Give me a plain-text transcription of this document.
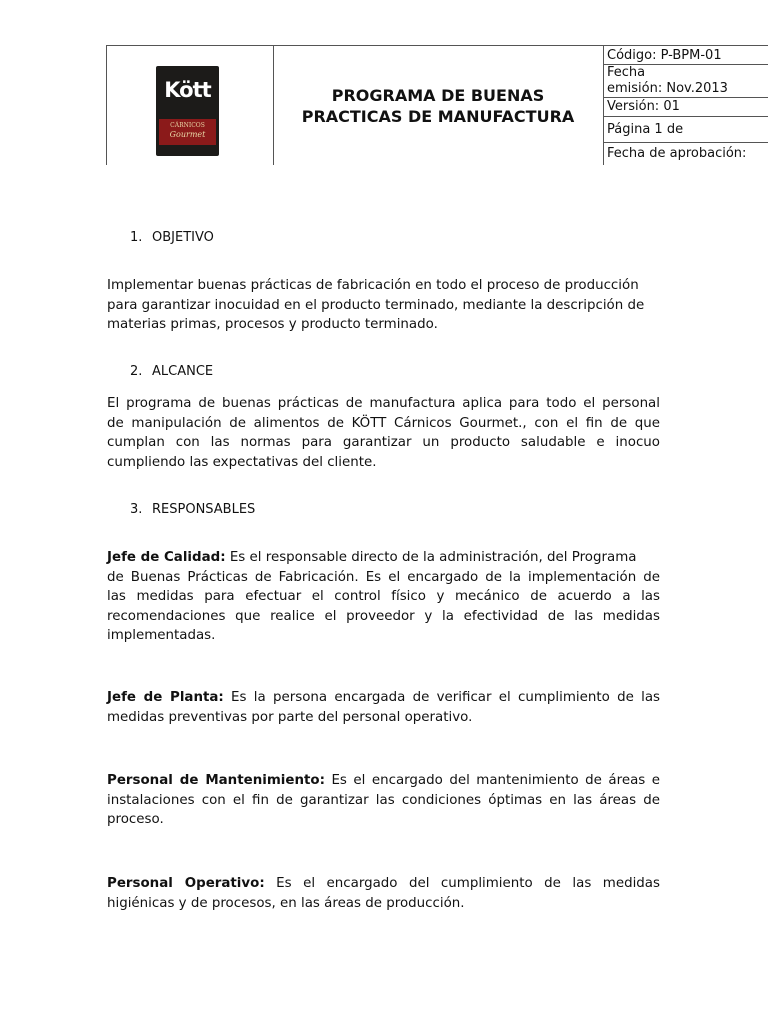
Kött
CÁRNICOS
Gourmet
PROGRAMA DE BUENAS
PRACTICAS DE MANUFACTURA
Código: P-BPM-01
Fecha
emisión: Nov.2013
Versión: 01
Página 1 de
Fecha de aprobación:
1. OBJETIVO
Implementar buenas prácticas de fabricación en todo el proceso de producción
para garantizar inocuidad en el producto terminado, mediante la descripción de
materias primas, procesos y producto terminado.
2. ALCANCE
El programa de buenas prácticas de manufactura aplica para todo el personal
de manipulación de alimentos de KÖTT Cárnicos Gourmet., con el fin de que
cumplan con las normas para garantizar un producto saludable e inocuo
cumpliendo las expectativas del cliente.
3. RESPONSABLES
Jefe de Calidad: Es el responsable directo de la administración, del Programa
de Buenas Prácticas de Fabricación. Es el encargado de la implementación de
las medidas para efectuar el control físico y mecánico de acuerdo a las
recomendaciones que realice el proveedor y la efectividad de las medidas
implementadas.
Jefe de Planta: Es la persona encargada de verificar el cumplimiento de las
medidas preventivas por parte del personal operativo.
Personal de Mantenimiento: Es el encargado del mantenimiento de áreas e
instalaciones con el fin de garantizar las condiciones óptimas en las áreas de
proceso.
Personal Operativo: Es el encargado del cumplimiento de las medidas
higiénicas y de procesos, en las áreas de producción.
